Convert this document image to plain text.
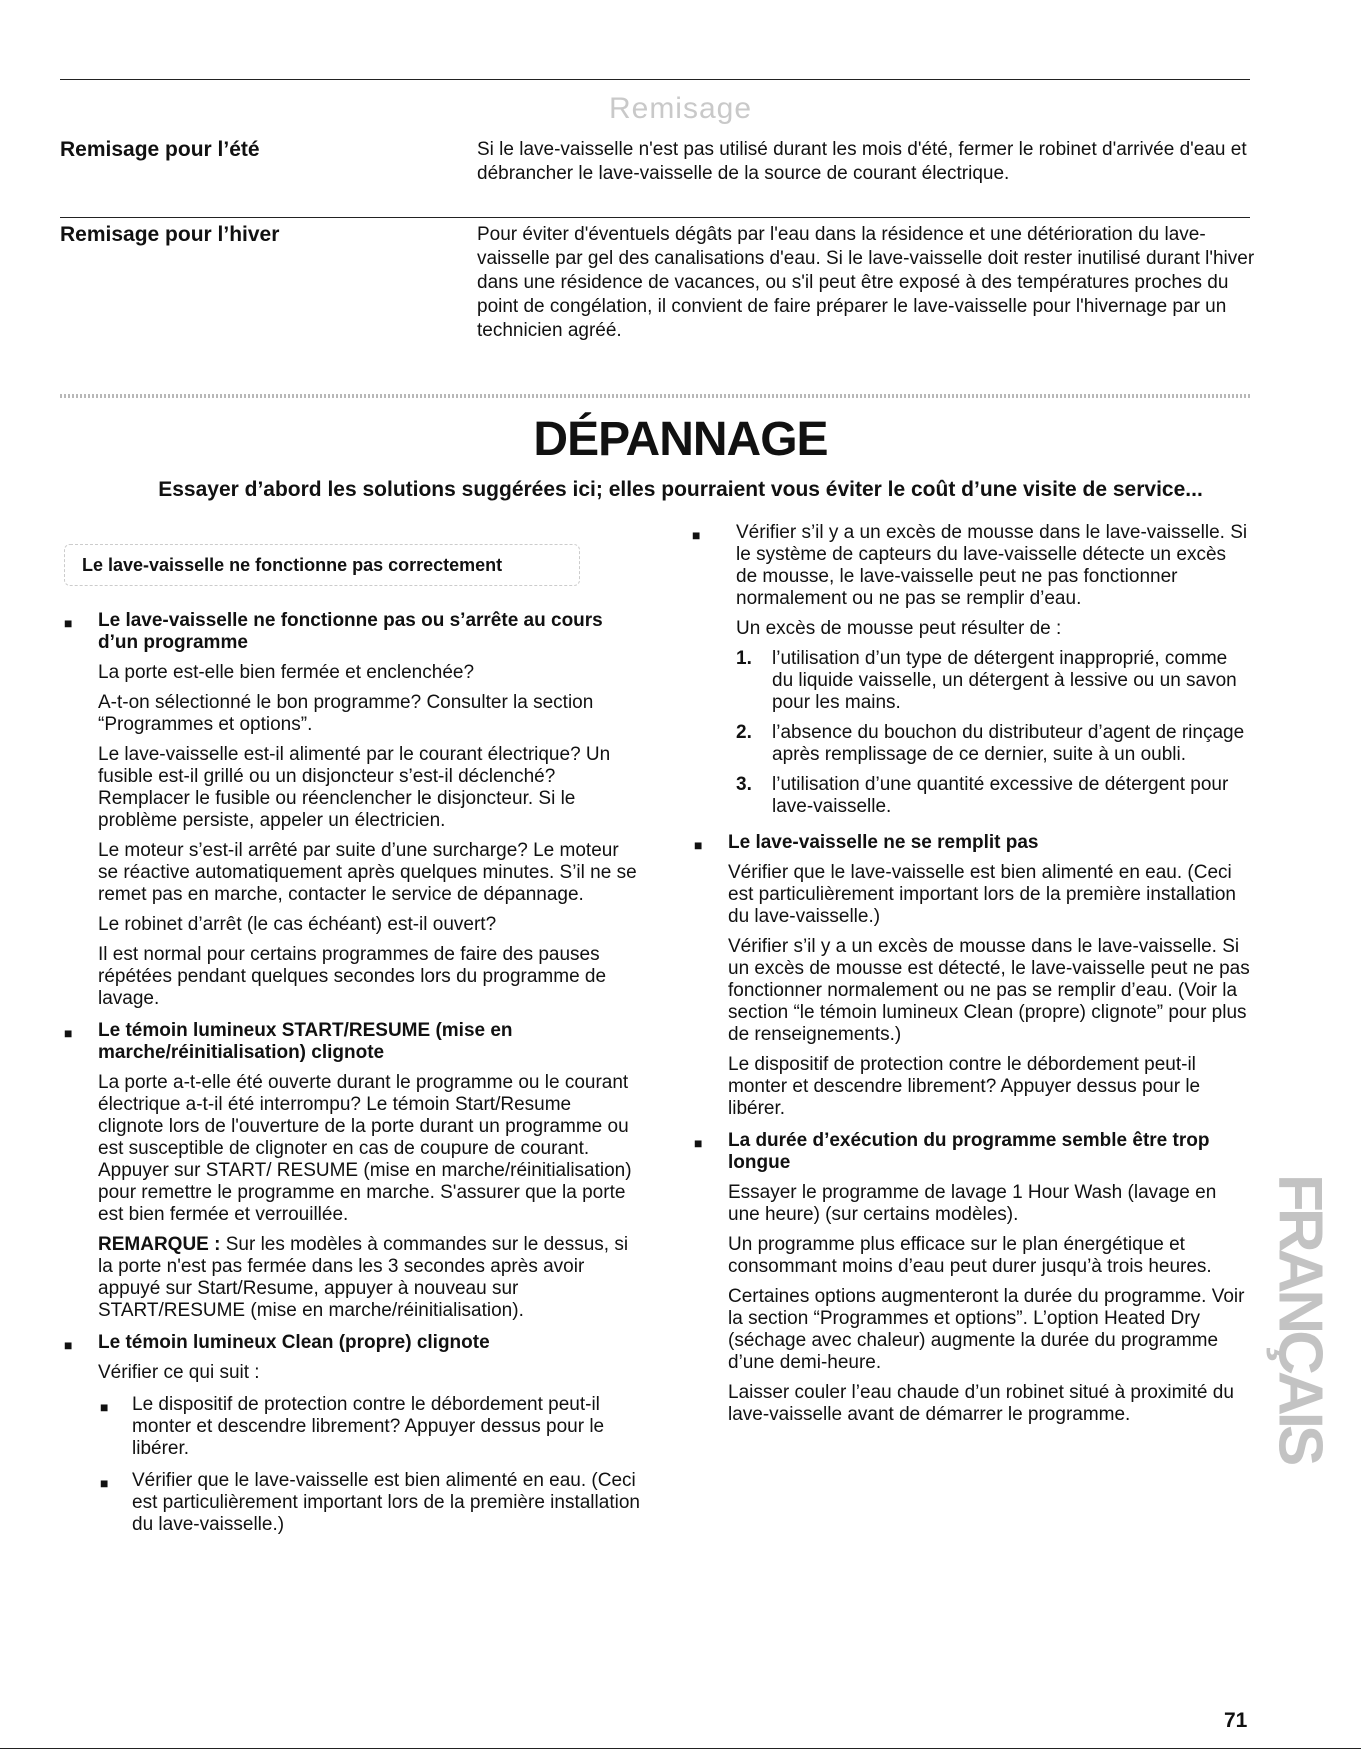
Remisage
Remisage pour l’été	Si le lave-vaisselle n'est pas utilisé durant les mois d'été, fermer le robinet d'arrivée d'eau et débrancher le lave-vaisselle de la source de courant électrique.
Remisage pour l’hiver	Pour éviter d'éventuels dégâts par l'eau dans la résidence et une détérioration du lave-vaisselle par gel des canalisations d'eau. Si le lave-vaisselle doit rester inutilisé durant l'hiver dans une résidence de vacances, ou s'il peut être exposé à des températures proches du point de congélation, il convient de faire préparer le lave-vaisselle pour l'hivernage par un technicien agréé.
DÉPANNAGE
Essayer d’abord les solutions suggérées ici; elles pourraient vous éviter le coût d’une visite de service...
Le lave-vaisselle ne fonctionne pas correctement
■ Le lave-vaisselle ne fonctionne pas ou s’arrête au cours d’un programme

La porte est-elle bien fermée et enclenchée?

A-t-on sélectionné le bon programme? Consulter la section “Programmes et options”.

Le lave-vaisselle est-il alimenté par le courant électrique? Un fusible est-il grillé ou un disjoncteur s’est-il déclenché? Remplacer le fusible ou réenclencher le disjoncteur. Si le problème persiste, appeler un électricien.

Le moteur s’est-il arrêté par suite d’une surcharge? Le moteur se réactive automatiquement après quelques minutes. S’il ne se remet pas en marche, contacter le service de dépannage.

Le robinet d’arrêt (le cas échéant) est-il ouvert?

Il est normal pour certains programmes de faire des pauses répétées pendant quelques secondes lors du programme de lavage.

■ Le témoin lumineux START/RESUME (mise en marche/réinitialisation) clignote

La porte a-t-elle été ouverte durant le programme ou le courant électrique a-t-il été interrompu? Le témoin Start/Resume clignote lors de l'ouverture de la porte durant un programme ou est susceptible de clignoter en cas de coupure de courant. Appuyer sur START/ RESUME (mise en marche/réinitialisation) pour remettre le programme en marche. S'assurer que la porte est bien fermée et verrouillée.

REMARQUE : Sur les modèles à commandes sur le dessus, si la porte n'est pas fermée dans les 3 secondes après avoir appuyé sur Start/Resume, appuyer à nouveau sur START/RESUME (mise en marche/réinitialisation).

■ Le témoin lumineux Clean (propre) clignote

Vérifier ce qui suit :

■ Le dispositif de protection contre le débordement peut-il monter et descendre librement? Appuyer dessus pour le libérer.
■ Vérifier que le lave-vaisselle est bien alimenté en eau. (Ceci est particulièrement important lors de la première installation du lave-vaisselle.)
■ Vérifier s’il y a un excès de mousse dans le lave-vaisselle. Si le système de capteurs du lave-vaisselle détecte un excès de mousse, le lave-vaisselle peut ne pas fonctionner normalement ou ne pas se remplir d’eau.

Un excès de mousse peut résulter de :

1. l’utilisation d’un type de détergent inapproprié, comme du liquide vaisselle, un détergent à lessive ou un savon pour les mains.
2. l’absence du bouchon du distributeur d’agent de rinçage après remplissage de ce dernier, suite à un oubli.
3. l’utilisation d’une quantité excessive de détergent pour lave-vaisselle.
■ Le lave-vaisselle ne se remplit pas

Vérifier que le lave-vaisselle est bien alimenté en eau. (Ceci est particulièrement important lors de la première installation du lave-vaisselle.)

Vérifier s’il y a un excès de mousse dans le lave-vaisselle. Si un excès de mousse est détecté, le lave-vaisselle peut ne pas fonctionner normalement ou ne pas se remplir d’eau. (Voir la section “le témoin lumineux Clean (propre) clignote” pour plus de renseignements.)

Le dispositif de protection contre le débordement peut-il monter et descendre librement? Appuyer dessus pour le libérer.

■ La durée d’exécution du programme semble être trop longue

Essayer le programme de lavage 1 Hour Wash (lavage en une heure) (sur certains modèles).

Un programme plus efficace sur le plan énergétique et consommant moins d’eau peut durer jusqu’à trois heures.

Certaines options augmenteront la durée du programme. Voir la section “Programmes et options”. L’option Heated Dry (séchage avec chaleur) augmente la durée du programme d’une demi-heure.

Laisser couler l’eau chaude d’un robinet situé à proximité du lave-vaisselle avant de démarrer le programme.	FRANÇAIS
71
